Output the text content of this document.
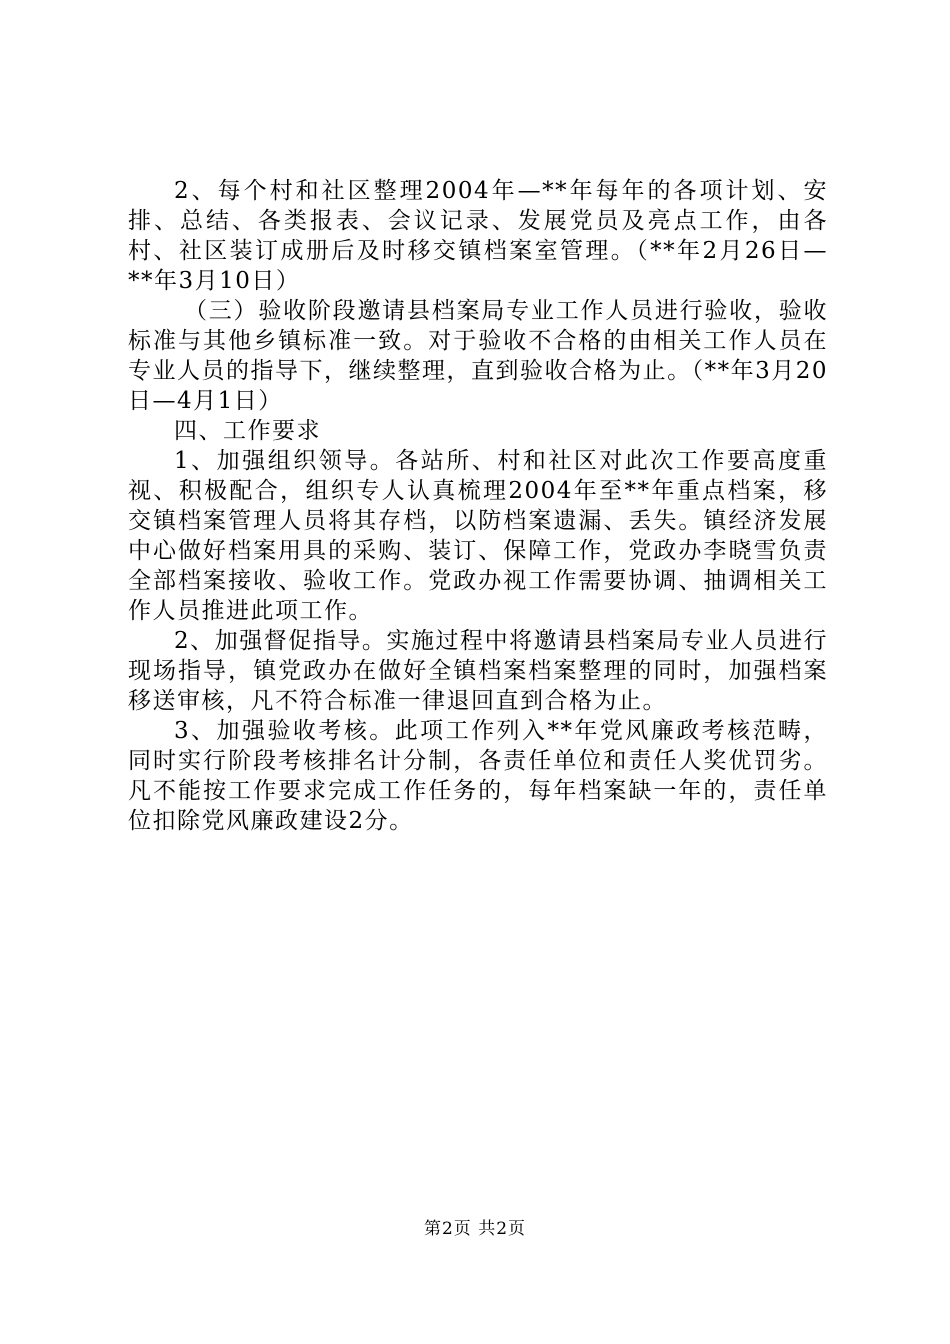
2、每个村和社区整理2004年—**年每年的各项计划、安排、总结、各类报表、会议记录、发展党员及亮点工作，由各村、社区装订成册后及时移交镇档案室管理。（**年2月26日—**年3月10日）

（三）验收阶段邀请县档案局专业工作人员进行验收，验收标准与其他乡镇标准一致。对于验收不合格的由相关工作人员在专业人员的指导下，继续整理，直到验收合格为止。（**年3月20日—4月1日）

四、工作要求

1、加强组织领导。各站所、村和社区对此次工作要高度重视、积极配合，组织专人认真梳理2004年至**年重点档案，移交镇档案管理人员将其存档，以防档案遗漏、丢失。镇经济发展中心做好档案用具的采购、装订、保障工作，党政办李晓雪负责全部档案接收、验收工作。党政办视工作需要协调、抽调相关工作人员推进此项工作。

2、加强督促指导。实施过程中将邀请县档案局专业人员进行现场指导，镇党政办在做好全镇档案档案整理的同时，加强档案移送审核，凡不符合标准一律退回直到合格为止。

3、加强验收考核。此项工作列入**年党风廉政考核范畴，同时实行阶段考核排名计分制，各责任单位和责任人奖优罚劣。凡不能按工作要求完成工作任务的，每年档案缺一年的，责任单位扣除党风廉政建设2分。

第2页 共2页
